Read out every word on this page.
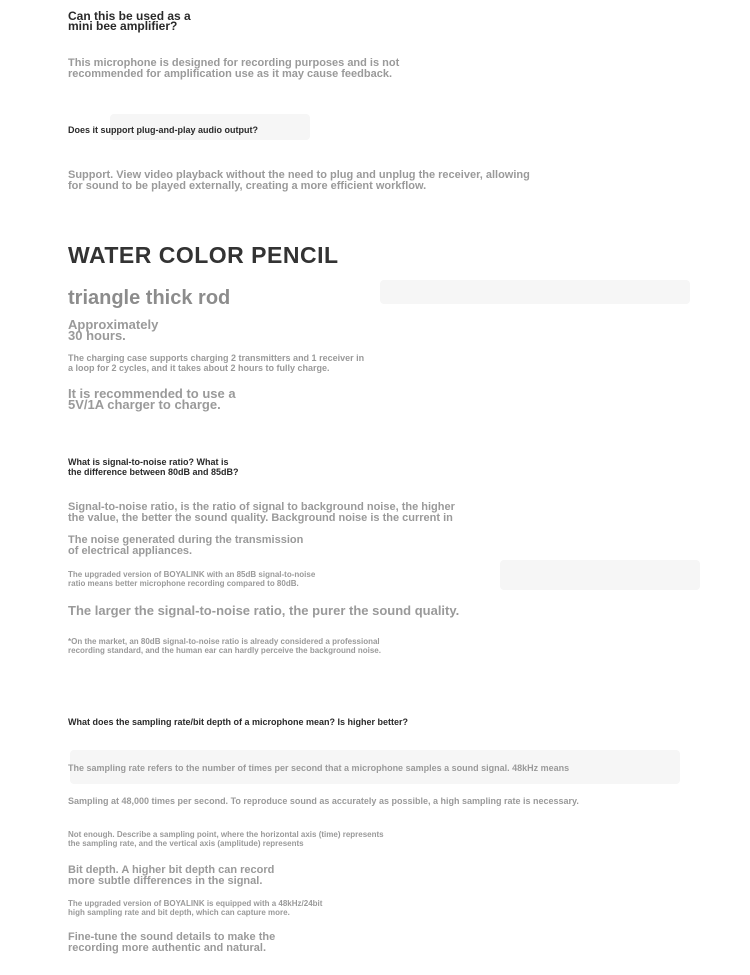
Can this be used as a
mini bee amplifier?

This microphone is designed for recording purposes and is not
recommended for amplification use as it may cause feedback.

Does it support plug-and-play audio output?

Support. View video playback without the need to plug and unplug the receiver, allowing
for sound to be played externally, creating a more efficient workflow.

WATER COLOR PENCIL
triangle thick rod

Approximately
30 hours.

The charging case supports charging 2 transmitters and 1 receiver in
a loop for 2 cycles, and it takes about 2 hours to fully charge.

It is recommended to use a
5V/1A charger to charge.

What is signal-to-noise ratio? What is
the difference between 80dB and 85dB?

Signal-to-noise ratio, is the ratio of signal to background noise, the higher
the value, the better the sound quality. Background noise is the current in

The noise generated during the transmission
of electrical appliances.

The upgraded version of BOYALINK with an 85dB signal-to-noise
ratio means better microphone recording compared to 80dB.

The larger the signal-to-noise ratio, the purer the sound quality.

*On the market, an 80dB signal-to-noise ratio is already considered a professional
recording standard, and the human ear can hardly perceive the background noise.

What does the sampling rate/bit depth of a microphone mean? Is higher better?

The sampling rate refers to the number of times per second that a microphone samples a sound signal. 48kHz means

Sampling at 48,000 times per second. To reproduce sound as accurately as possible, a high sampling rate is necessary.

Not enough. Describe a sampling point, where the horizontal axis (time) represents
the sampling rate, and the vertical axis (amplitude) represents

Bit depth. A higher bit depth can record
more subtle differences in the signal.

The upgraded version of BOYALINK is equipped with a 48kHz/24bit
high sampling rate and bit depth, which can capture more.

Fine-tune the sound details to make the
recording more authentic and natural.
